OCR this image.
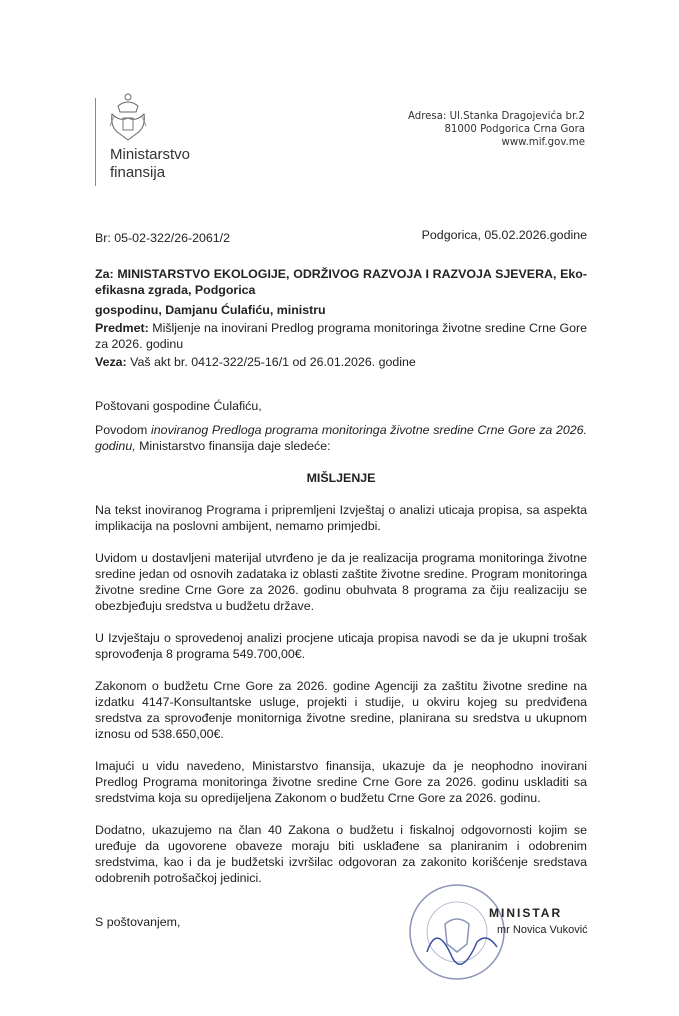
Ministarstvo
finansija
Adresa: Ul.Stanka Dragojevića br.2
81000 Podgorica Crna Gora
www.mif.gov.me
Br: 05-02-322/26-2061/2	Podgorica, 05.02.2026.godine
Za: MINISTARSTVO EKOLOGIJE, ODRŽIVOG RAZVOJA I RAZVOJA SJEVERA, Eko-efikasna zgrada, Podgorica
gospodinu, Damjanu Ćulafiću, ministru
Predmet: Mišljenje na inovirani Predlog programa monitoringa životne sredine Crne Gore za 2026. godinu
Veza: Vaš akt br. 0412-322/25-16/1 od 26.01.2026. godine
Poštovani gospodine Ćulafiću,
Povodom inoviranog Predloga programa monitoringa životne sredine Crne Gore za 2026. godinu, Ministarstvo finansija daje sledeće:
MIŠLJENJE
Na tekst inoviranog Programa i pripremljeni Izvještaj o analizi uticaja propisa, sa aspekta implikacija na poslovni ambijent, nemamo primjedbi.
Uvidom u dostavljeni materijal utvrđeno je da je realizacija programa monitoringa životne sredine jedan od osnovih zadataka iz oblasti zaštite životne sredine. Program monitoringa životne sredine Crne Gore za 2026. godinu obuhvata 8 programa za čiju realizaciju se obezbjeđuju sredstva u budžetu države.
U Izvještaju o sprovedenoj analizi procjene uticaja propisa navodi se da je ukupni trošak sprovođenja 8 programa 549.700,00€.
Zakonom o budžetu Crne Gore za 2026. godine Agenciji za zaštitu životne sredine na izdatku 4147-Konsultantske usluge, projekti i studije, u okviru kojeg su predviđena sredstva za sprovođenje monitorniga životne sredine, planirana su sredstva u ukupnom iznosu od 538.650,00€.
Imajući u vidu navedeno, Ministarstvo finansija, ukazuje da je neophodno inovirani Predlog Programa monitoringa životne sredine Crne Gore za 2026. godinu uskladiti sa sredstvima koja su opredijeljena Zakonom o budžetu Crne Gore za 2026. godinu.
Dodatno, ukazujemo na član 40 Zakona o budžetu i fiskalnoj odgovornosti kojim se uređuje da ugovorene obaveze moraju biti usklađene sa planiranim i odobrenim sredstvima, kao i da je budžetski izvršilac odgovoran za zakonito korišćenje sredstava odobrenih potrošačkoj jedinici.
S poštovanjem,
MINISTAR
mr Novica Vuković
